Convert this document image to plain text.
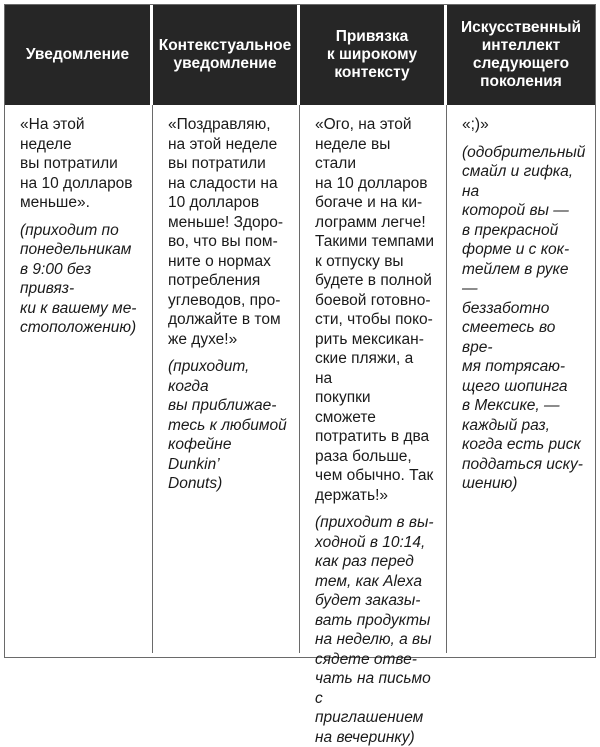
Уведомление
Контекстуальное
уведомление
Привязка
к широкому
контексту
Искусственный
интеллект
следующего
поколения

«На этой неделе
вы потратили
на 10 долларов
меньше».

(приходит по
понедельникам
в 9:00 без привяз-
ки к вашему ме-
стоположению)

«Поздравляю,
на этой неделе
вы потратили
на сладости на
10 долларов
меньше! Здоро-
во, что вы пом-
ните о нормах
потребления
углеводов, про-
должайте в том
же духе!»

(приходит, когда
вы приближае-
тесь к любимой
кофейне Dunkin’
Donuts)

«Ого, на этой
неделе вы стали
на 10 долларов
богаче и на ки-
лограмм легче!
Такими темпами
к отпуску вы
будете в полной
боевой готовно-
сти, чтобы поко-
рить мексикан-
ские пляжи, а на
покупки сможете
потратить в два
раза больше,
чем обычно. Так
держать!»

(приходит в вы-
ходной в 10:14,
как раз перед
тем, как Alexa
будет заказы-
вать продукты
на неделю, а вы
сядете отве-
чать на письмо
с приглашением
на вечеринку)

«;)»

(одобрительный
смайл и гифка, на
которой вы —
в прекрасной
форме и с кок-
тейлем в руке —
беззаботно
смеетесь во вре-
мя потрясаю-
щего шопинга
в Мексике, —
каждый раз,
когда есть риск
поддаться иску-
шению)
